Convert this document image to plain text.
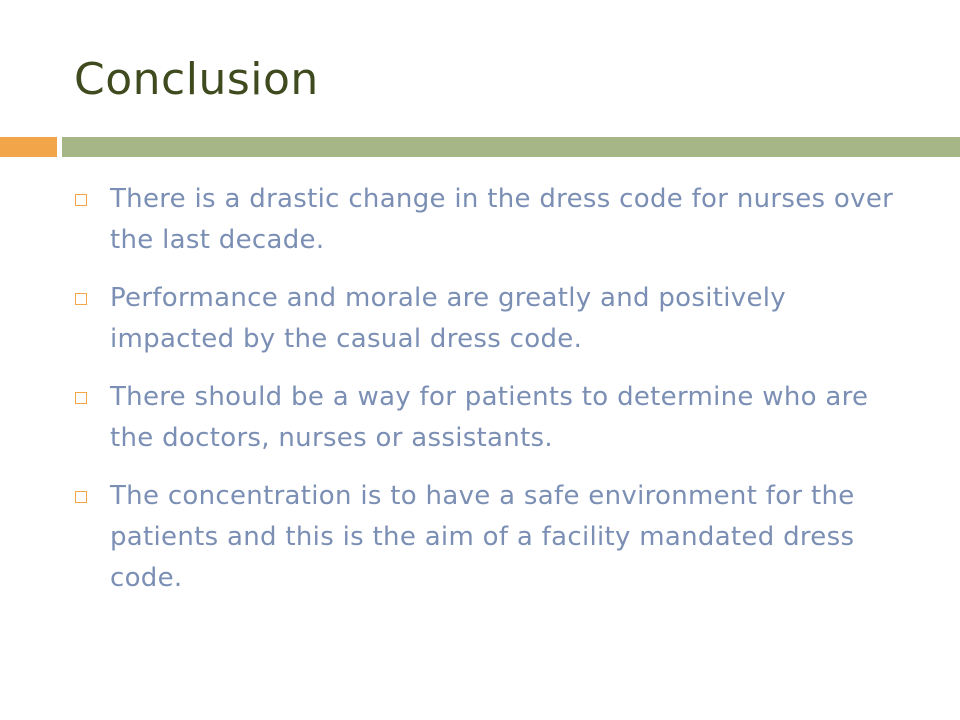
Conclusion
There is a drastic change in the dress code for nurses over the last decade.
Performance and morale are greatly and positively impacted by the casual dress code.
There should be a way for patients to determine who are the doctors, nurses or assistants.
The concentration is to have a safe environment for the patients and this is the aim of a facility mandated dress code.
